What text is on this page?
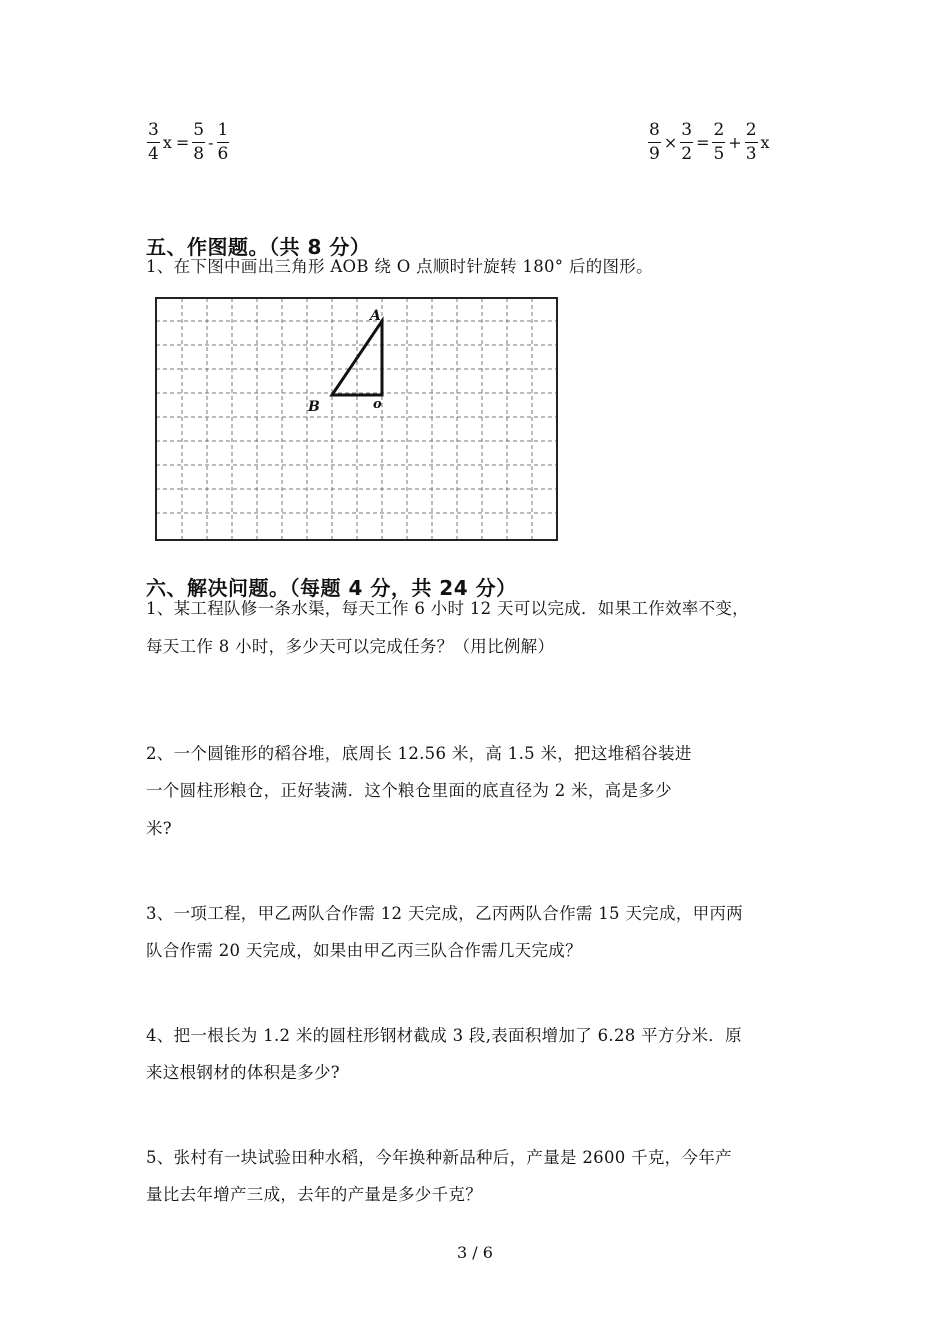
$\frac{3}{4}$ $x = \frac{5}{8} - \frac{1}{6}$	$\frac{8}{9} \times \frac{3}{2} = \frac{2}{5} + \frac{2}{3}$ x
五、作图题。（共 8 分）
1、在下图中画出三角形 AOB 绕 O 点顺时针旋转 180° 后的图形。
A
B	o
六、解决问题。（每题 4 分，共 24 分）
1、某工程队修一条水渠，每天工作 6 小时 12 天可以完成．如果工作效率不变，
每天工作 8 小时，多少天可以完成任务？（用比例解）
2、一个圆锥形的稻谷堆，底周长 12.56 米，高 1.5 米，把这堆稻谷装进
一个圆柱形粮仓，正好装满．这个粮仓里面的底直径为 2 米，高是多少
米?
3、一项工程，甲乙两队合作需 12 天完成，乙丙两队合作需 15 天完成，甲丙两
队合作需 20 天完成，如果由甲乙丙三队合作需几天完成？
4、把一根长为 1.2 米的圆柱形钢材截成 3 段,表面积增加了 6.28 平方分米．原
来这根钢材的体积是多少?
5、张村有一块试验田种水稻，今年换种新品种后，产量是 2600 千克，今年产
量比去年增产三成，去年的产量是多少千克？
3 / 6
